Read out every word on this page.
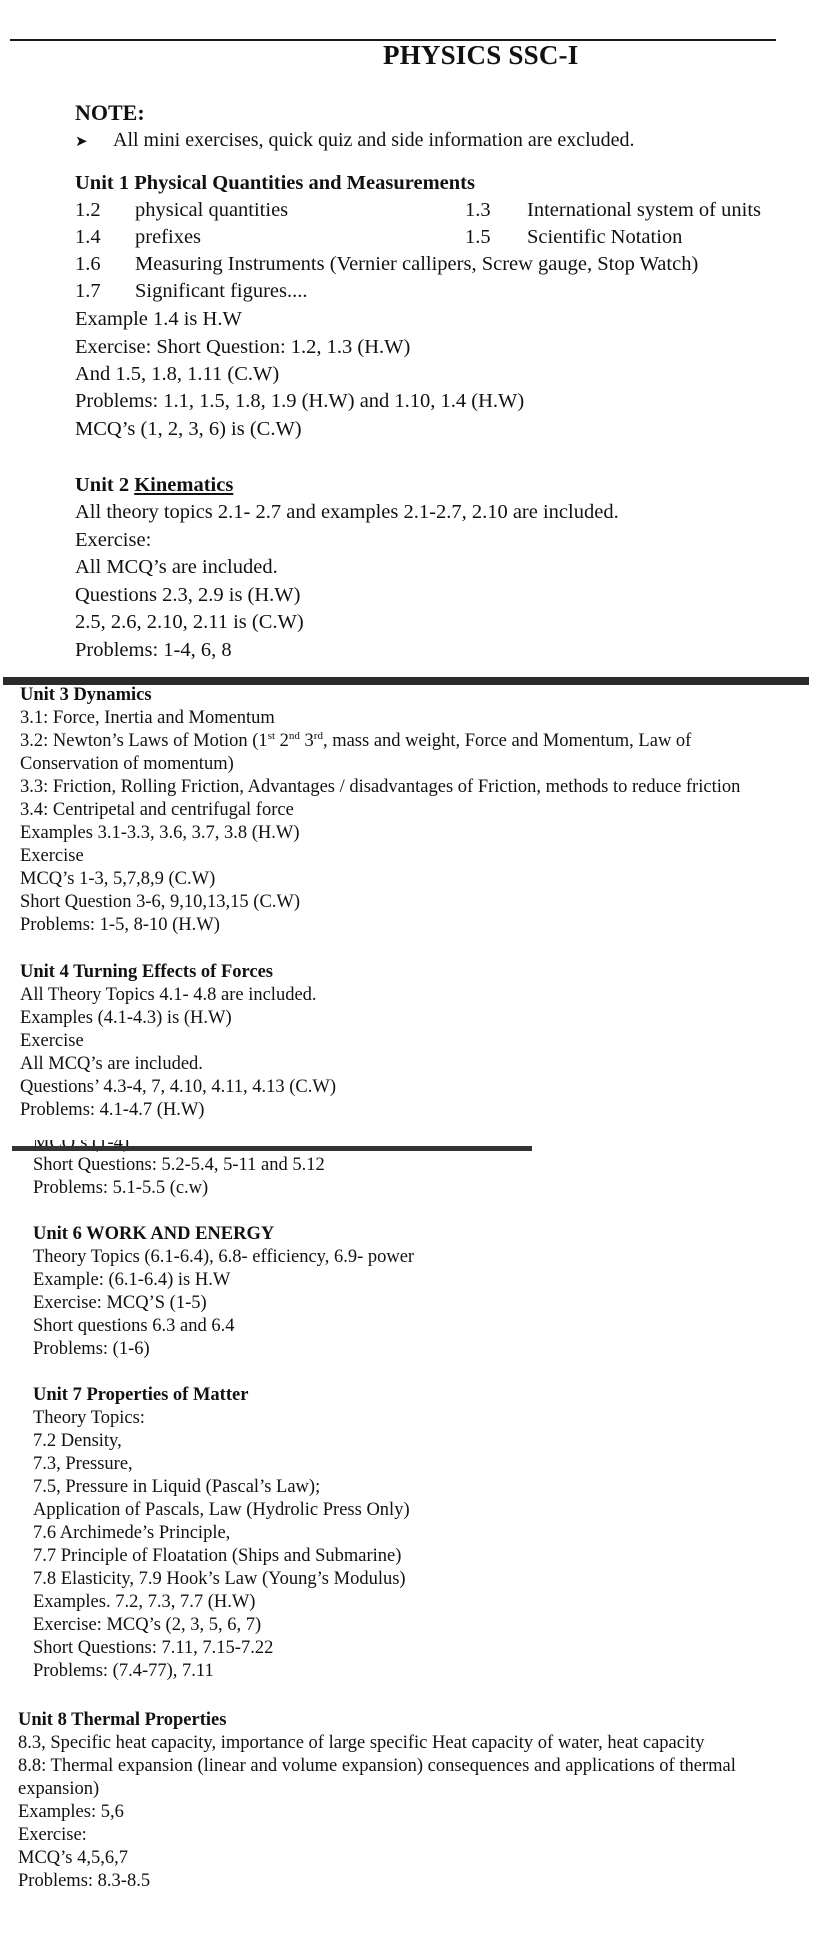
PHYSICS SSC-I
NOTE:
➤ All mini exercises, quick quiz and side information are excluded.
Unit 1 Physical Quantities and Measurements
1.2	physical quantities	1.3	International system of units
1.4	prefixes	1.5	Scientific Notation
1.6	Measuring Instruments (Vernier callipers, Screw gauge, Stop Watch)
1.7	Significant figures....
Example 1.4 is H.W
Exercise: Short Question: 1.2, 1.3 (H.W)
And 1.5, 1.8, 1.11 (C.W)
Problems: 1.1, 1.5, 1.8, 1.9 (H.W) and 1.10, 1.4 (H.W)
MCQ’s (1, 2, 3, 6) is (C.W)
Unit 2 Kinematics
All theory topics 2.1- 2.7 and examples 2.1-2.7, 2.10 are included.
Exercise:
All MCQ’s are included.
Questions 2.3, 2.9 is (H.W)
2.5, 2.6, 2.10, 2.11 is (C.W)
Problems: 1-4, 6, 8
Unit 3 Dynamics
3.1: Force, Inertia and Momentum
3.2: Newton’s Laws of Motion (1st 2nd 3rd, mass and weight, Force and Momentum, Law of
Conservation of momentum)
3.3: Friction, Rolling Friction, Advantages / disadvantages of Friction, methods to reduce friction
3.4: Centripetal and centrifugal force
Examples 3.1-3.3, 3.6, 3.7, 3.8 (H.W)
Exercise
MCQ’s 1-3, 5,7,8,9 (C.W)
Short Question 3-6, 9,10,13,15 (C.W)
Problems: 1-5, 8-10 (H.W)
Unit 4 Turning Effects of Forces
All Theory Topics 4.1- 4.8 are included.
Examples (4.1-4.3) is (H.W)
Exercise
All MCQ’s are included.
Questions’ 4.3-4, 7, 4.10, 4.11, 4.13 (C.W)
Problems: 4.1-4.7 (H.W)
Short Questions: 5.2-5.4, 5-11 and 5.12
Problems: 5.1-5.5 (c.w)
Unit 6 WORK AND ENERGY
Theory Topics (6.1-6.4), 6.8- efficiency, 6.9- power
Example: (6.1-6.4) is H.W
Exercise: MCQ’S (1-5)
Short questions 6.3 and 6.4
Problems: (1-6)
Unit 7 Properties of Matter
Theory Topics:
7.2 Density,
7.3, Pressure,
7.5, Pressure in Liquid (Pascal’s Law);
Application of Pascals, Law (Hydrolic Press Only)
7.6 Archimede’s Principle,
7.7 Principle of Floatation (Ships and Submarine)
7.8 Elasticity, 7.9 Hook’s Law (Young’s Modulus)
Examples. 7.2, 7.3, 7.7 (H.W)
Exercise: MCQ’s (2, 3, 5, 6, 7)
Short Questions: 7.11, 7.15-7.22
Problems: (7.4-77), 7.11
Unit 8 Thermal Properties
8.3, Specific heat capacity, importance of large specific Heat capacity of water, heat capacity
8.8: Thermal expansion (linear and volume expansion) consequences and applications of thermal
expansion)
Examples: 5,6
Exercise:
MCQ’s 4,5,6,7
Problems: 8.3-8.5
